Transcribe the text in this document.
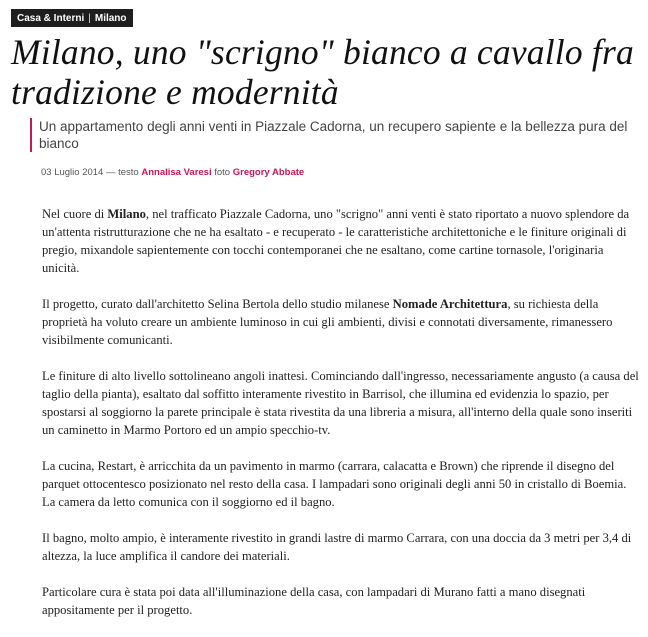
Casa & Interni | Milano
Milano, uno "scrigno" bianco a cavallo fra tradizione e modernità
Un appartamento degli anni venti in Piazzale Cadorna, un recupero sapiente e la bellezza pura del bianco
03 Luglio 2014 — testo Annalisa Varesi foto Gregory Abbate

Nel cuore di Milano, nel trafficato Piazzale Cadorna, uno "scrigno" anni venti è stato riportato a nuovo splendore da un'attenta ristrutturazione che ne ha esaltato - e recuperato - le caratteristiche architettoniche e le finiture originali di pregio, mixandole sapientemente con tocchi contemporanei che ne esaltano, come cartine tornasole, l'originaria unicità.

Il progetto, curato dall'architetto Selina Bertola dello studio milanese Nomade Architettura, su richiesta della proprietà ha voluto creare un ambiente luminoso in cui gli ambienti, divisi e connotati diversamente, rimanessero visibilmente comunicanti.

Le finiture di alto livello sottolineano angoli inattesi. Cominciando dall'ingresso, necessariamente angusto (a causa del taglio della pianta), esaltato dal soffitto interamente rivestito in Barrisol, che illumina ed evidenzia lo spazio, per spostarsi al soggiorno la parete principale è stata rivestita da una libreria a misura, all'interno della quale sono inseriti un caminetto in Marmo Portoro ed un ampio specchio-tv.

La cucina, Restart, è arricchita da un pavimento in marmo (carrara, calacatta e Brown) che riprende il disegno del parquet ottocentesco posizionato nel resto della casa. I lampadari sono originali degli anni 50 in cristallo di Boemia. La camera da letto comunica con il soggiorno ed il bagno.

Il bagno, molto ampio, è interamente rivestito in grandi lastre di marmo Carrara, con una doccia da 3 metri per 3,4 di altezza, la luce amplifica il candore dei materiali.

Particolare cura è stata poi data all'illuminazione della casa, con lampadari di Murano fatti a mano disegnati appositamente per il progetto.
